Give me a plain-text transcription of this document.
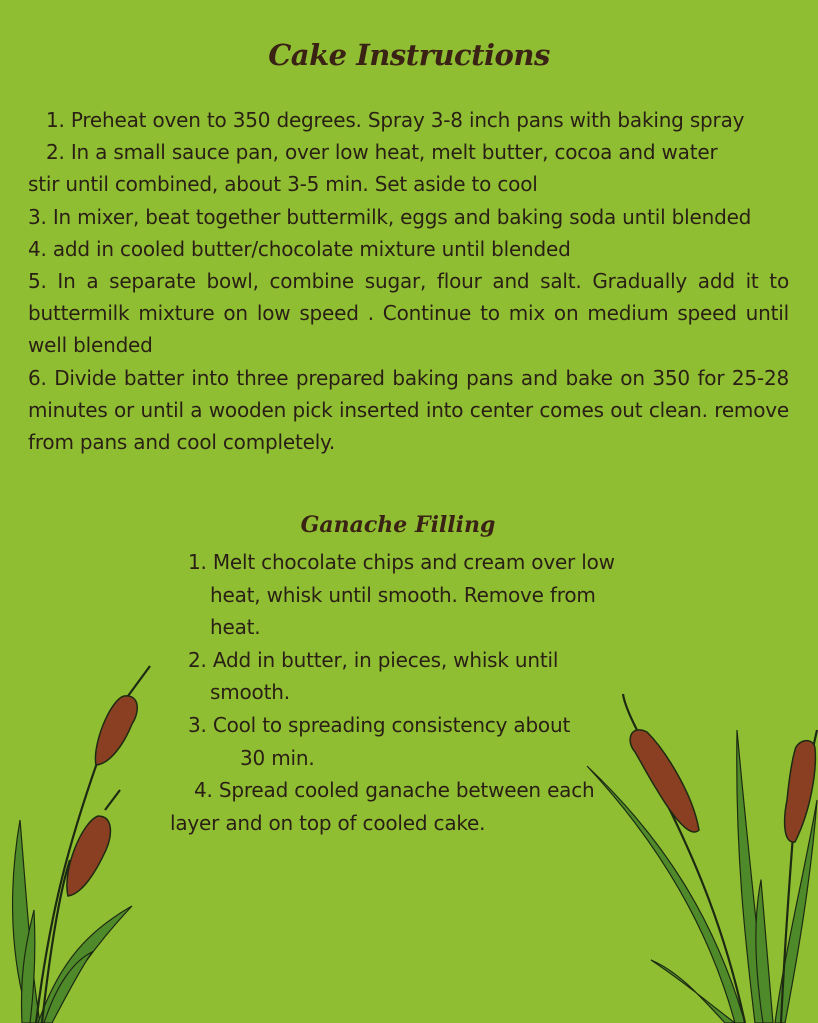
Cake Instructions
1. Preheat oven to 350 degrees. Spray 3-8 inch pans with baking spray
2. In a small sauce pan, over low heat, melt butter, cocoa and water
stir until combined, about 3-5 min. Set aside to cool
3. In mixer, beat together buttermilk, eggs and baking soda until blended
4. add in cooled butter/chocolate mixture until blended
5. In a separate bowl, combine sugar, flour and salt. Gradually add it to buttermilk mixture on low speed . Continue to mix on medium speed until well blended
6. Divide batter into three prepared baking pans and bake on 350 for 25-28 minutes or until a wooden pick inserted into center comes out clean. remove from pans and cool completely.
Ganache Filling
1. Melt chocolate chips and cream over low
heat, whisk until smooth. Remove from
heat.
2. Add in butter, in pieces, whisk until
smooth.
3. Cool to spreading consistency about
30 min.
4. Spread cooled ganache between each
layer and on top of cooled cake.
